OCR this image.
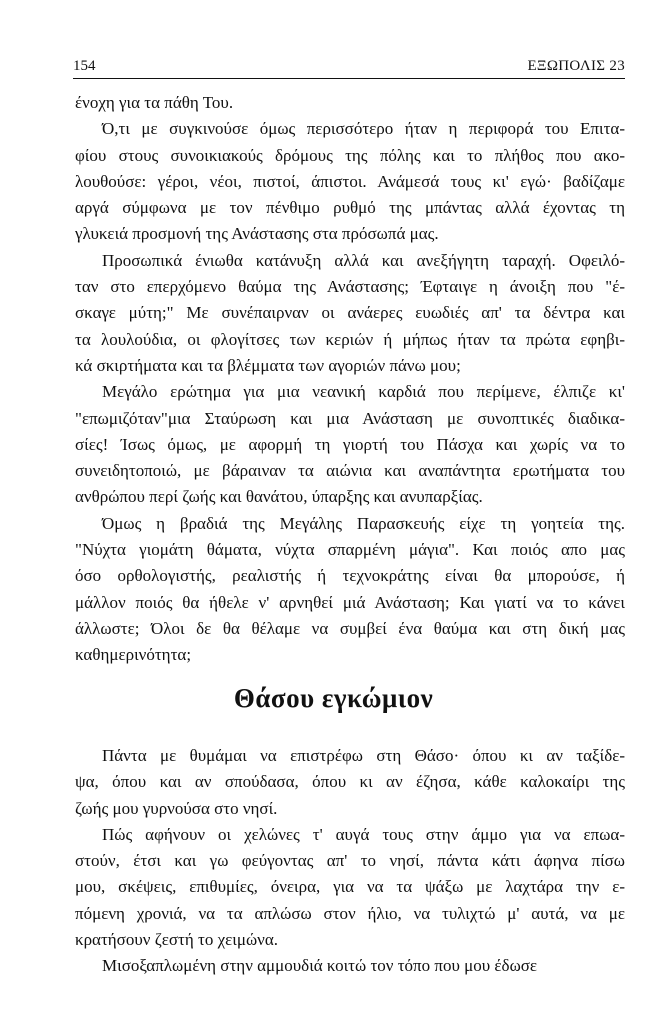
154	ΕΞΩΠΟΛΙΣ 23

ένοχη για τα πάθη Του.

Ό,τι με συγκινούσε όμως περισσότερο ήταν η περιφορά του Επιτα-
φίου στους συνοικιακούς δρόμους της πόλης και το πλήθος που ακο-
λουθούσε: γέροι, νέοι, πιστοί, άπιστοι. Ανάμεσά τους κι' εγώ· βαδίζαμε
αργά σύμφωνα με τον πένθιμο ρυθμό της μπάντας αλλά έχοντας τη
γλυκειά προσμονή της Ανάστασης στα πρόσωπά μας.

Προσωπικά ένιωθα κατάνυξη αλλά και ανεξήγητη ταραχή. Οφειλό-
ταν στο επερχόμενο θαύμα της Ανάστασης; Έφταιγε η άνοιξη που "έ-
σκαγε μύτη;" Με συνέπαιρναν οι ανάερες ευωδιές απ' τα δέντρα και
τα λουλούδια, οι φλογίτσες των κεριών ή μήπως ήταν τα πρώτα εφηβι-
κά σκιρτήματα και τα βλέμματα των αγοριών πάνω μου;

Μεγάλο ερώτημα για μια νεανική καρδιά που περίμενε, έλπιζε κι'
"επωμιζόταν"μια Σταύρωση και μια Ανάσταση με συνοπτικές διαδικα-
σίες! Ίσως όμως, με αφορμή τη γιορτή του Πάσχα και χωρίς να το
συνειδητοποιώ, με βάραιναν τα αιώνια και αναπάντητα ερωτήματα του
ανθρώπου περί ζωής και θανάτου, ύπαρξης και ανυπαρξίας.

Όμως η βραδιά της Μεγάλης Παρασκευής είχε τη γοητεία της.
"Νύχτα γιομάτη θάματα, νύχτα σπαρμένη μάγια". Και ποιός απο μας
όσο ορθολογιστής, ρεαλιστής ή τεχνοκράτης είναι θα μπορούσε, ή
μάλλον ποιός θα ήθελε ν' αρνηθεί μιά Ανάσταση; Και γιατί να το κάνει
άλλωστε; Όλοι δε θα θέλαμε να συμβεί ένα θαύμα και στη δική μας
καθημερινότητα;

Θάσου εγκώμιον

Πάντα με θυμάμαι να επιστρέφω στη Θάσο· όπου κι αν ταξίδε-
ψα, όπου και αν σπούδασα, όπου κι αν έζησα, κάθε καλοκαίρι της
ζωής μου γυρνούσα στο νησί.

Πώς αφήνουν οι χελώνες τ' αυγά τους στην άμμο για να επωα-
στούν, έτσι και γω φεύγοντας απ' το νησί, πάντα κάτι άφηνα πίσω
μου, σκέψεις, επιθυμίες, όνειρα, για να τα ψάξω με λαχτάρα την ε-
πόμενη χρονιά, να τα απλώσω στον ήλιο, να τυλιχτώ μ' αυτά, να με
κρατήσουν ζεστή το χειμώνα.

Μισοξαπλωμένη στην αμμουδιά κοιτώ τον τόπο που μου έδωσε
